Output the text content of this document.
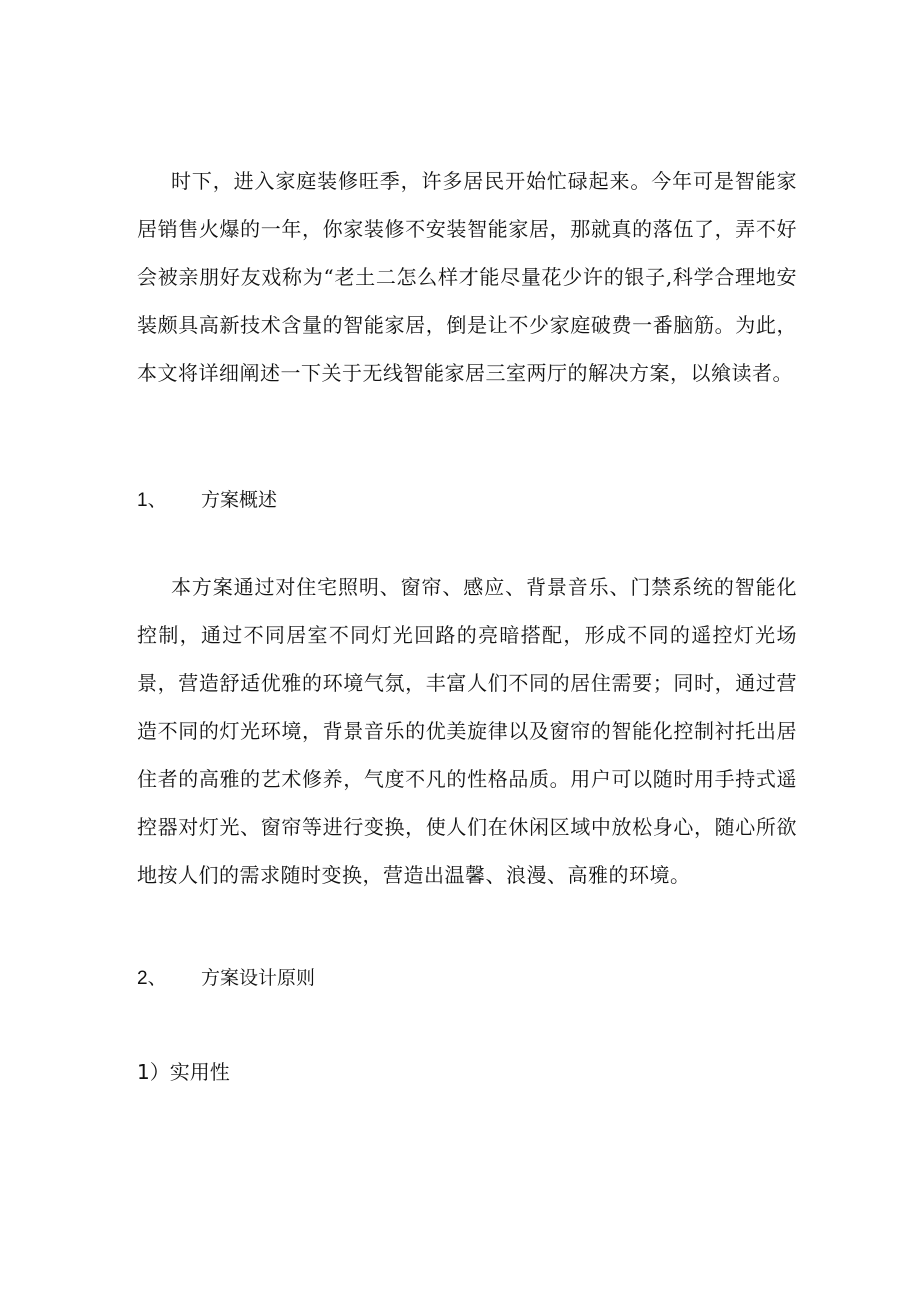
时下，进入家庭装修旺季，许多居民开始忙碌起来。今年可是智能家居销售火爆的一年，你家装修不安装智能家居，那就真的落伍了，弄不好会被亲朋好友戏称为“老土二怎么样才能尽量花少许的银子,科学合理地安装颇具高新技术含量的智能家居，倒是让不少家庭破费一番脑筋。为此，本文将详细阐述一下关于无线智能家居三室两厅的解决方案，以飨读者。

1、	方案概述

本方案通过对住宅照明、窗帘、感应、背景音乐、门禁系统的智能化控制，通过不同居室不同灯光回路的亮暗搭配，形成不同的遥控灯光场景，营造舒适优雅的环境气氛，丰富人们不同的居住需要；同时，通过营造不同的灯光环境，背景音乐的优美旋律以及窗帘的智能化控制衬托出居住者的高雅的艺术修养，气度不凡的性格品质。用户可以随时用手持式遥控器对灯光、窗帘等进行变换，使人们在休闲区域中放松身心，随心所欲地按人们的需求随时变换，营造出温馨、浪漫、高雅的环境。

2、	方案设计原则

1）实用性
